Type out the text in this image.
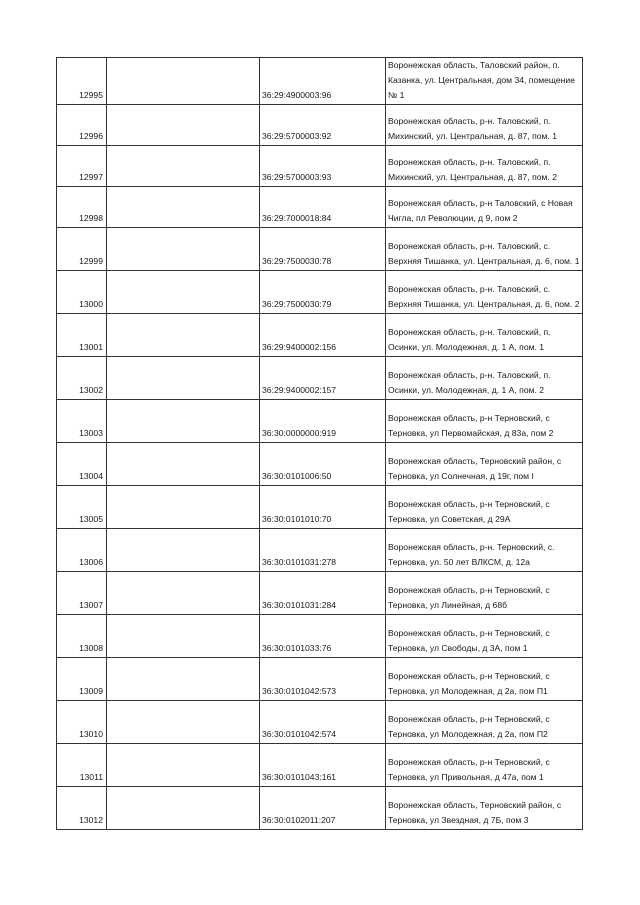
12995		36:29:4900003:96	Воронежская область, Таловский район, п. Казанка, ул. Центральная, дом 34, помещение № 1
12996		36:29:5700003:92	Воронежская область, р-н. Таловский, п. Михинский, ул. Центральная, д. 87, пом. 1
12997		36:29:5700003:93	Воронежская область, р-н. Таловский, п. Михинский, ул. Центральная, д. 87, пом. 2
12998		36:29:7000018:84	Воронежская область, р-н Таловский, с Новая Чигла, пл Революции, д 9, пом 2
12999		36:29:7500030:78	Воронежская область, р-н. Таловский, с. Верхняя Тишанка, ул. Центральная, д. 6, пом. 1
13000		36:29:7500030:79	Воронежская область, р-н. Таловский, с. Верхняя Тишанка, ул. Центральная, д. 6, пом. 2
13001		36:29:9400002:156	Воронежская область, р-н. Таловский, п. Осинки, ул. Молодежная, д. 1 А, пом. 1
13002		36:29:9400002:157	Воронежская область, р-н. Таловский, п. Осинки, ул. Молодежная, д. 1 А, пом. 2
13003		36:30:0000000:919	Воронежская область, р-н Терновский, с Терновка, ул Первомайская, д 83а, пом 2
13004		36:30:0101006:50	Воронежская область, Терновский район, с Терновка, ул Солнечная, д 19г, пом I
13005		36:30:0101010:70	Воронежская область, р-н Терновский, с Терновка, ул Советская, д 29А
13006		36:30:0101031:278	Воронежская область, р-н. Терновский, с. Терновка, ул. 50 лет ВЛКСМ, д. 12а
13007		36:30:0101031:284	Воронежская область, р-н Терновский, с Терновка, ул Линейная, д 68б
13008		36:30:0101033:76	Воронежская область, р-н Терновский, с Терновка, ул Свободы, д 3А, пом 1
13009		36:30:0101042:573	Воронежская область, р-н Терновский, с Терновка, ул Молодежная, д 2а, пом П1
13010		36:30:0101042:574	Воронежская область, р-н Терновский, с Терновка, ул Молодежная, д 2а, пом П2
13011		36:30:0101043:161	Воронежская область, р-н Терновский, с Терновка, ул Привольная, д 47а, пом 1
13012		36:30:0102011:207	Воронежская область, Терновский район, с Терновка, ул Звездная, д 7Б, пом 3
